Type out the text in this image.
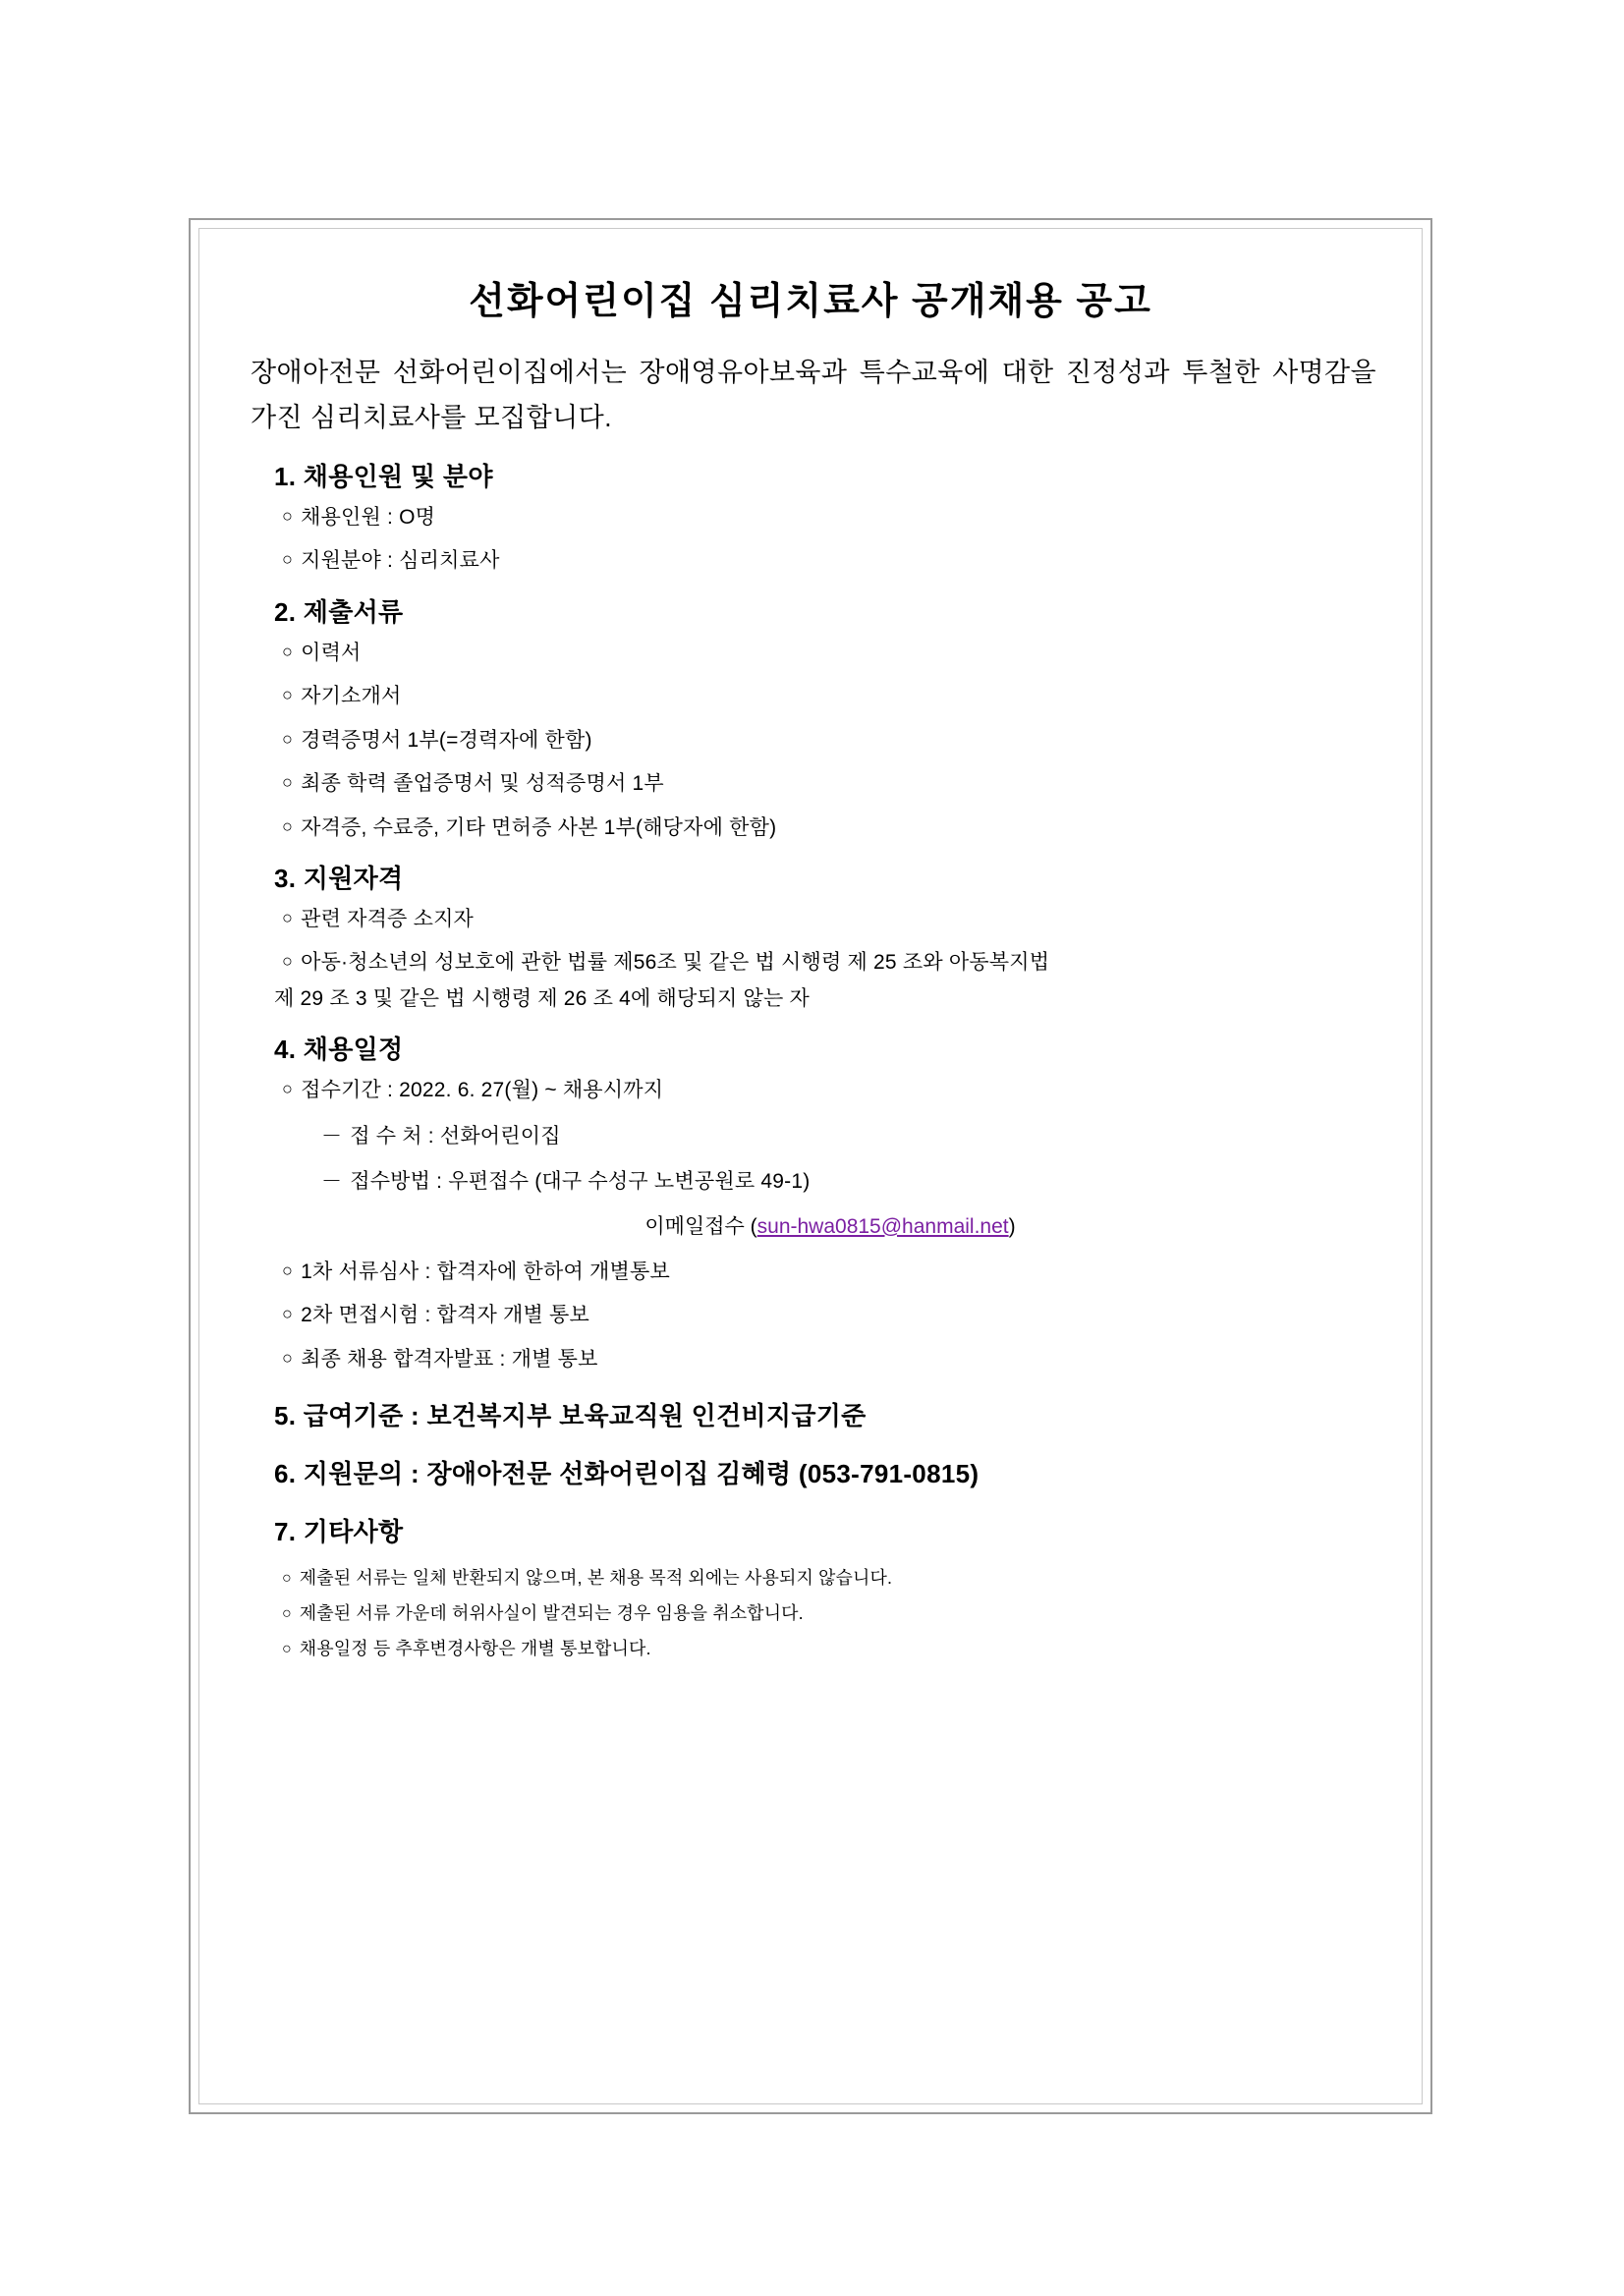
선화어린이집 심리치료사 공개채용 공고
장애아전문 선화어린이집에서는 장애영유아보육과 특수교육에 대한 진정성과 투철한 사명감을 가진 심리치료사를 모집합니다.
1. 채용인원 및 분야
○ 채용인원 : O명
○ 지원분야 : 심리치료사
2. 제출서류
○ 이력서
○ 자기소개서
○ 경력증명서 1부(=경력자에 한함)
○ 최종 학력 졸업증명서 및 성적증명서 1부
○ 자격증, 수료증, 기타 면허증 사본 1부(해당자에 한함)
3. 지원자격
○ 관련 자격증 소지자
○ 아동·청소년의 성보호에 관한 법률 제56조 및 같은 법 시행령 제 25 조와 아동복지법
제 29 조 3 및 같은 법 시행령 제 26 조 4에 해당되지 않는 자
4. 채용일정
○ 접수기간 : 2022. 6. 27(월) ~ 채용시까지
－ 접 수 처 : 선화어린이집
－ 접수방법 : 우편접수 (대구 수성구 노변공원로 49-1)
이메일접수 (sun-hwa0815@hanmail.net)
○ 1차 서류심사 : 합격자에 한하여 개별통보
○ 2차 면접시험 : 합격자 개별 통보
○ 최종 채용 합격자발표 : 개별 통보
5. 급여기준 : 보건복지부 보육교직원 인건비지급기준
6. 지원문의 : 장애아전문 선화어린이집 김혜령 (053-791-0815)
7. 기타사항
○ 제출된 서류는 일체 반환되지 않으며, 본 채용 목적 외에는 사용되지 않습니다.
○ 제출된 서류 가운데 허위사실이 발견되는 경우 임용을 취소합니다.
○ 채용일정 등 추후변경사항은 개별 통보합니다.
